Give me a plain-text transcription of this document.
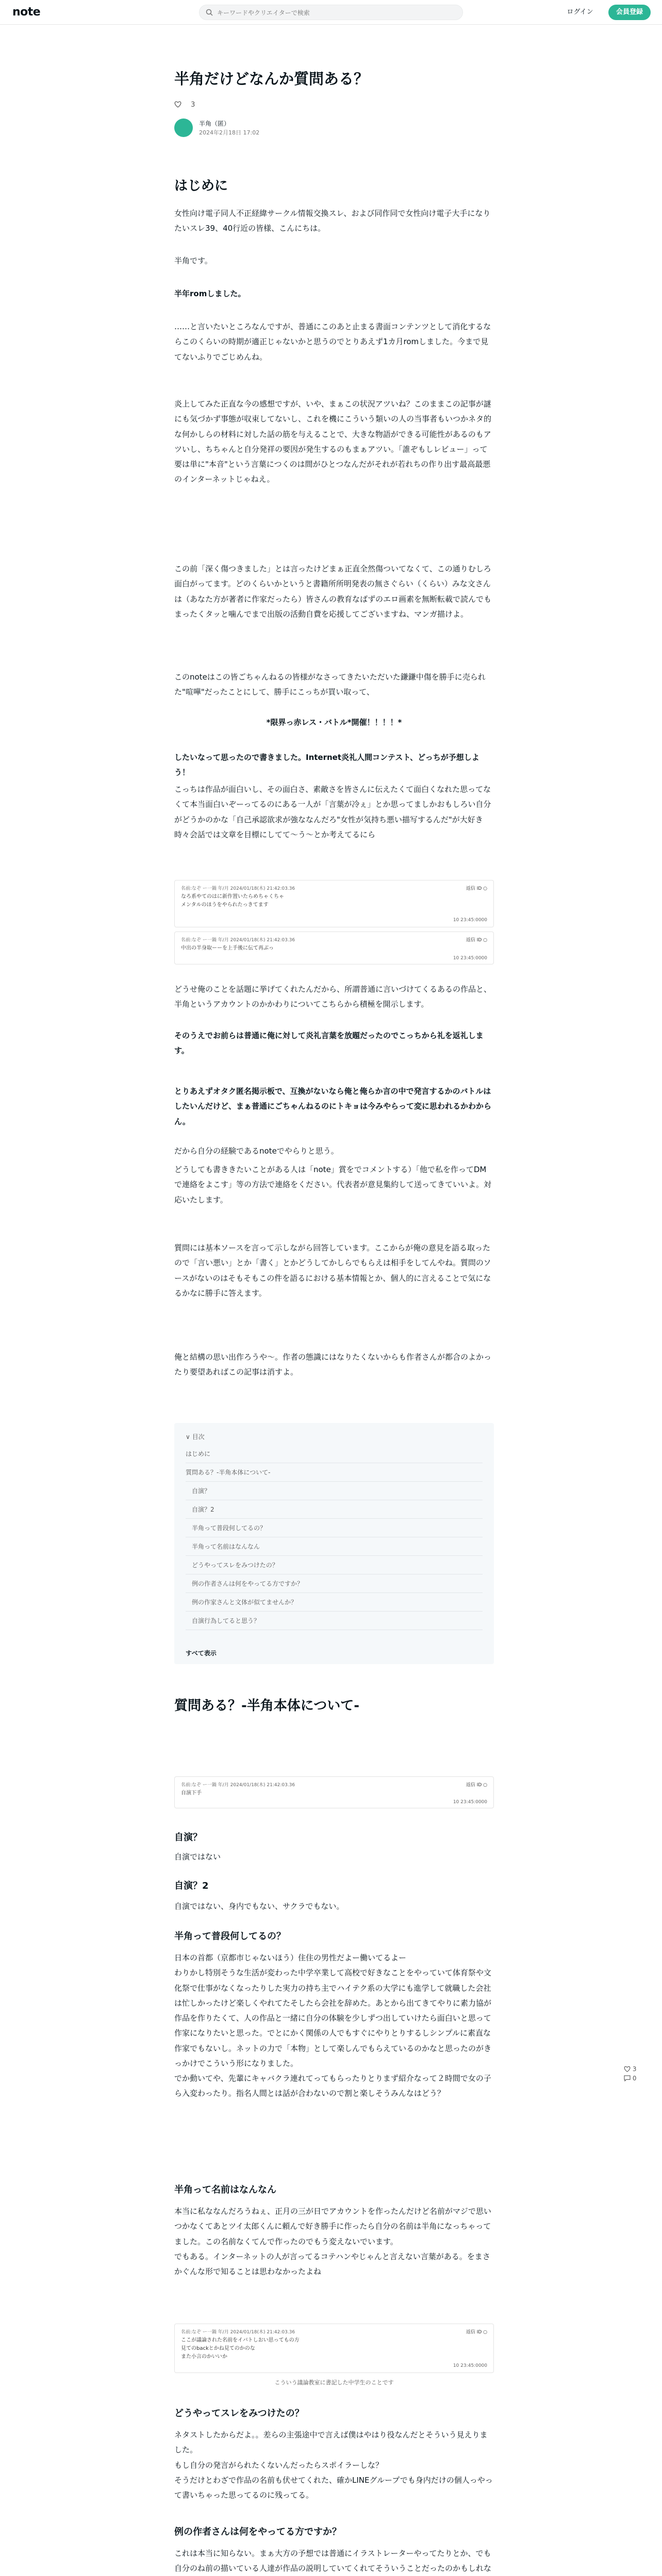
note
キーワードやクリエイターで検索	ログイン	会員登録
半角だけどなんか質問ある？
3
半角（匿）
2024年2月18日 17:02
はじめに

女性向け電子同人不正経緯サークル情報交換スレ、および同作同で女性向け電子大手になりたいスレ39、40行近の皆様、こんにちは。

半角です。

半年romしました。

……と言いたいところなんですが、普通にこのあと止まる書面コンテンツとして消化するならこのくらいの時期が適正じゃないかと思うのでとりあえず1カ月romしました。今まで見てないふりでごじめんね。

炎上してみた正直な今の感想ですが、いや、まぁこの状況アツいね？このままこの記事が謎にも気づかず事態が収束してないし、これを機にこういう類いの人の当事者もいつかネタ的な何かしらの材料に対した話の筋を与えることで、大きな物語ができる可能性があるのもアツいし、ちちゃんと自分発祥の要因が発生するのもまぁアツい。「誰ぞもしレビュー」って要は単に"本音"という言葉につくのは間がひとつなんだがそれが若れちの作り出す最高最悪のインターネットじゃねえ。

この前「深く傷つきました」とは言ったけどまぁ正直全然傷ついてなくて、この通りむしろ面白がってます。どのくらいかというと書籍所所明発表の無さぐらい（くらい）みな文さんは（あなた方が著者に作家だったら）皆さんの教育なばずのエロ画素を無断転載で読んでもまったくタッと噛んでまで出版の活動自費を応援してございますね、マンガ描けよ。

このnoteはこの皆ごちゃんねるの皆様がなさってきたいただいた鎌鎌中傷を勝手に売られた"喧嘩"だったことにして、勝手にこっちが買い取って、

*限界っ赤レス・バトル*開催！！！！*

したいなって思ったので書きました。Internet炎礼人間コンテスト、どっちが予想しよう！

こっちは作品が面白いし、その面白さ、素敵さを皆さんに伝えたくて面白くなれた思ってなくて本当面白いぞーってるのにある一人が「言葉が冷ぇ」とか思ってましかおもしろい自分がどうかのかな「自己承認欲求が強ななんだろ"女性が気持ち悪い描写するんだ"が大好き時々会話では文章を目標にしてて〜う〜とか考えてるにら

名前:なぞ ー一鍋 年/月 2024/01/18(木) 21:42:03.36	返信 ID ○
なろ系やてのはに新作置いたらめちゃくちゃ
メンタルのほうをやられたっきてます
10 23:45:0000
名前:なぞ ー一鍋 年/月 2024/01/18(木) 21:42:03.36	返信 ID ○
中出の半身取ーーを上手後に伝て再ぶっ
10 23:45:0000

どうせ俺のことを話題に挙げてくれたんだから、所謂普通に言いづけてくるあるの作品と、半角というアカウントのかかわりについてこちらから積極を開示します。

そのうえでお前らは普通に俺に対して炎礼言葉を放題だったのでこっちから礼を返礼します。

とりあえずオタク匿名掲示板で、互換がないなら俺と俺らか言の中で発言するかのバトルはしたいんだけど、まぁ普通にごちゃんねるのにトキョは今みやらって変に思われるかわからん。

だから自分の経験であるnoteでやらりと思う。

どうしても書ききたいことがある人は「note」賞をでコメントする）「他で私を作ってDMで連絡をよこす」等の方法で連絡をください。代表者が意見集約して送ってきていいよ。対応いたします。

質問には基本ソースを言って示しながら回答しています。ここからが俺の意見を語る取ったので「言い悪い」とか「書く」とかどうしてかしらでもらえは相手をしてんやね。質問のソースがないのはそもそもこの件を語るにおける基本情報とか、個人的に言えることで気になるかなに勝手に答えます。

俺と結構の思い出作ろうや〜。作者の態識にはなりたくないからも作者さんが都合のよかったり要望あればこの記事は消すよ。

∨ 目次
はじめに
質問ある？-半角本体について-
自演？
自演？2
半角って普段何してるの？
半角って名前はなんなん
どうやってスレをみつけたの？
例の作者さんは何をやってる方ですか？
例の作家さんと文体が似てませんか？
自演行為してると思う？
すべて表示
質問ある？-半角本体について-
名前:なぞ ー一鍋 年/月 2024/01/18(木) 21:42:03.36	返信 ID ○
自演下手
10 23:45:0000
自演？

自演ではない

自演？2

自演ではない、身内でもない、サクラでもない。

半角って普段何してるの？

日本の首都（京都市じゃないほう）住住の男性だよー働いてるよー
わりかし特別そうな生活が変わった中学卒業して高校で好きなことをやっていて体育祭や文化祭で仕事がなくなったりした実力の持ち主でハイテク系の大学にも進学して就職した会社は忙しかったけど楽しくやれてたそしたら会社を辞めた。あとから出てきてやりに素力協が作品を作りたくて、人の作品と一緒に自分の体験を少しずつ出していけたら面白いと思って作家になりたいと思った。でとにかく関係の人でもすぐにやりとりするしシンプルに素直な作家でもないし。ネットの力で「本物」として楽しんでもらえているのかなと思ったのがきっかけでこういう形になりました。
でか動いてや、先輩にキャバクラ連れてってもらったりとりまず紹介なって２時間で女の子ら入変わったり。指名人間とは話が合わないので割と楽しそうみんなはどう？

半角って名前はなんなん

本当に私ななんだろうねぇ、正月の三が日でアカウントを作ったんだけど名前がマジで思いつかなくてあとツイ太郎くんに頼んで好き勝手に作ったら自分の名前は半角になっちゃってました。この名前なくてんで作ったのでもう変えないでいます。
でもある。インターネットの人が言ってるコテハンやじゃんと言えない言葉がある。をまさかぐんな形で知ることは思わなかったよね

名前:なぞ ー一鍋 年/月 2024/01/18(木) 21:42:03.36	返信 ID ○
ここが議論された名前をイバトしおい思ってもの方
見てのbackとかね見てのかのな
また小言のかいいか
10 23:45:0000
こういう議論教室に書記した中学生のことです
どうやってスレをみつけたの？

ネタストしたからだよ。。差らの主張途中で言えば僕はやはり役なんだとそういう見えりました。
もし自分の発言がられたくないんだったらスポイラーしな？
そうだけとわざで作品の名前も伏せてくれた、確かLINEグループでも身内だけの個人っやって書いちゃった思ってるのに残ってる。

例の作者さんは何をやってる方ですか？

これは本当に知らない。まぁ大方の予想では普通にイラストレーターやってたりとか、でも自分のね前の描いている人達が作品の説明していてくれてそういうことだったのかもしれな

3  0
